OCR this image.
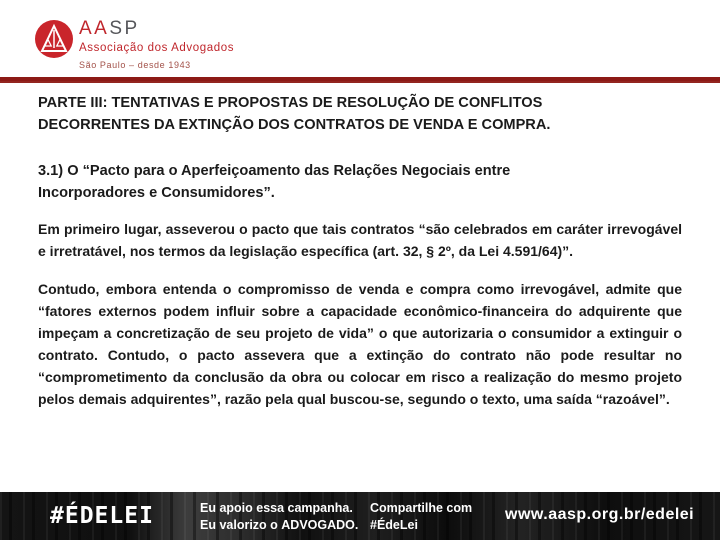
AASP
Associação dos Advogados
São Paulo – desde 1943
PARTE III: TENTATIVAS E PROPOSTAS DE RESOLUÇÃO DE CONFLITOS DECORRENTES DA EXTINÇÃO DOS CONTRATOS DE VENDA E COMPRA.
3.1) O “Pacto para o Aperfeiçoamento das Relações Negociais entre Incorporadores e Consumidores”.

Em primeiro lugar, asseverou o pacto que tais contratos “são celebrados em caráter irrevogável e irretratável, nos termos da legislação específica (art. 32, § 2º, da Lei 4.591/64)”.

Contudo, embora entenda o compromisso de venda e compra como irrevogável, admite que “fatores externos podem influir sobre a capacidade econômico-financeira do adquirente que impeçam a concretização de seu projeto de vida” o que autorizaria o consumidor a extinguir o contrato. Contudo, o pacto assevera que a extinção do contrato não pode resultar no “comprometimento da conclusão da obra ou colocar em risco a realização do mesmo projeto pelos demais adquirentes”, razão pela qual buscou-se, segundo o texto, uma saída “razoável”.

#ÉDELEI	Eu apoio essa campanha.
Eu valorizo o ADVOGADO.
Compartilhe com
#ÉdeLei
www.aasp.org.br/edelei
